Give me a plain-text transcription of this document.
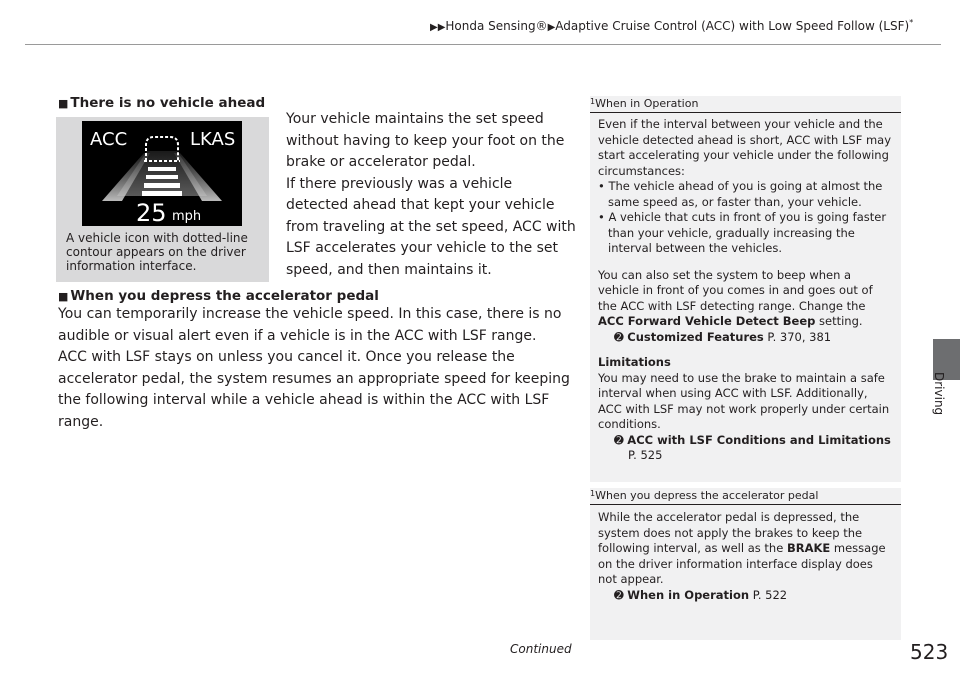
▶▶Honda Sensing®▶Adaptive Cruise Control (ACC) with Low Speed Follow (LSF)*
Driving
■ There is no vehicle ahead
Your vehicle maintains the set speed without having to keep your foot on the brake or accelerator pedal.
If there previously was a vehicle detected ahead that kept your vehicle from traveling at the set speed, ACC with LSF accelerates your vehicle to the set speed, and then maintains it.
ACC	LKAS
25 mph
A vehicle icon with dotted-line contour appears on the driver information interface.
■ When you depress the accelerator pedal
You can temporarily increase the vehicle speed. In this case, there is no audible or visual alert even if a vehicle is in the ACC with LSF range.
ACC with LSF stays on unless you cancel it. Once you release the accelerator pedal, the system resumes an appropriate speed for keeping the following interval while a vehicle ahead is within the ACC with LSF range.
$^1$When in Operation
Even if the interval between your vehicle and the vehicle detected ahead is short, ACC with LSF may start accelerating your vehicle under the following circumstances:
• The vehicle ahead of you is going at almost the same speed as, or faster than, your vehicle.
• A vehicle that cuts in front of you is going faster than your vehicle, gradually increasing the interval between the vehicles.
You can also set the system to beep when a vehicle in front of you comes in and goes out of the ACC with LSF detecting range. Change the ACC Forward Vehicle Detect Beep setting.
➋ Customized Features P. 370, 381
Limitations
You may need to use the brake to maintain a safe interval when using ACC with LSF. Additionally, ACC with LSF may not work properly under certain conditions.
➋ ACC with LSF Conditions and Limitations
P. 525
$^1$When you depress the accelerator pedal
While the accelerator pedal is depressed, the system does not apply the brakes to keep the following interval, as well as the BRAKE message on the driver information interface display does not appear.
➋ When in Operation P. 522
Continued	523
